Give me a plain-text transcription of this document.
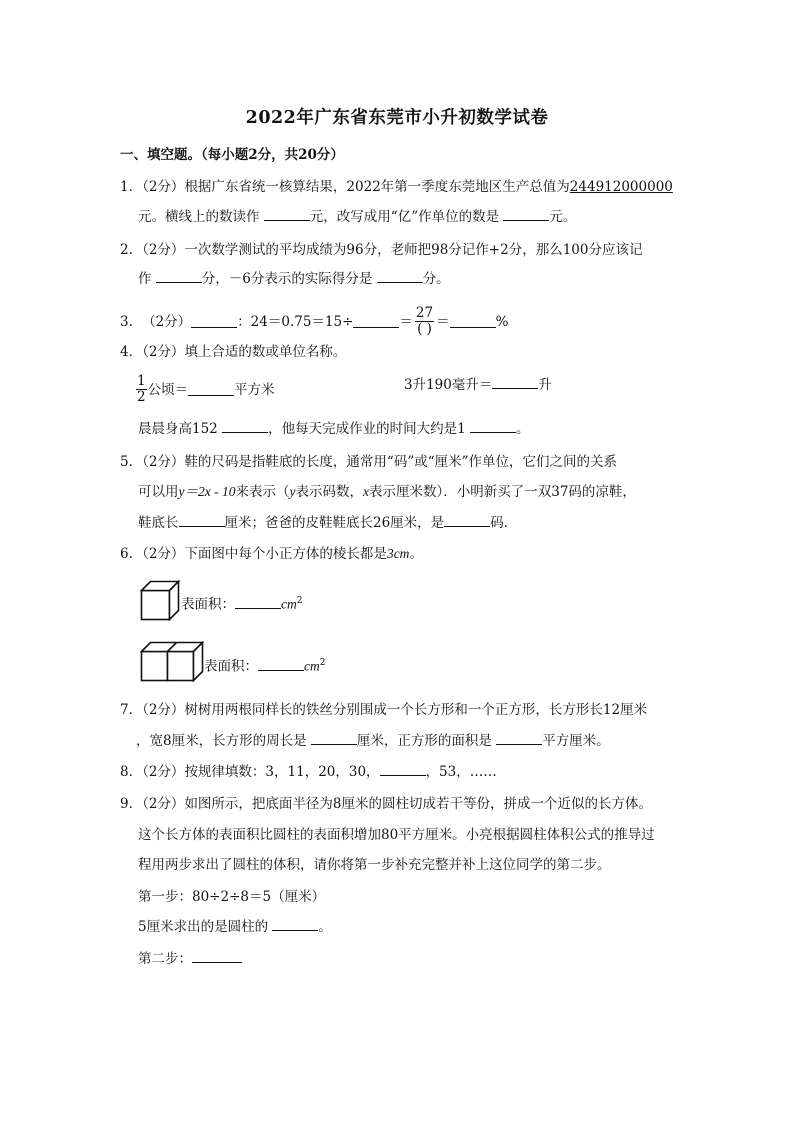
2022年广东省东莞市小升初数学试卷
一、填空题。（每小题2分，共20分）
1．（2分）根据广东省统一核算结果，2022年第一季度东莞地区生产总值为244912000000
元。横线上的数读作	元，改写成用“亿”作单位的数是	元。
2．（2分）一次数学测试的平均成绩为96分，老师把98分记作+2分，那么100分应该记
作	分，－6分表示的实际得分是	分。
3． （2分）	：24＝0.75＝15÷	＝ $\frac{27}{( )}$ ＝	%
4．（2分）填上合适的数或单位名称。
$\frac{1}{2}$ 公顷＝	平方米	3升190毫升＝	升
晨晨身高152	，他每天完成作业的时间大约是1	。
5．（2分）鞋的尺码是指鞋底的长度，通常用“码”或“厘米”作单位，它们之间的关系
可以用y＝2x - 10来表示（y表示码数，x表示厘米数）．小明新买了一双37码的凉鞋，
鞋底长	厘米；爸爸的皮鞋鞋底长26厘米，是	码．
6．（2分）下面图中每个小正方体的棱长都是3cm。
表面积：	$cm^2$
表面积：	$cm^2$
7．（2分）树树用两根同样长的铁丝分别围成一个长方形和一个正方形，长方形长12厘米
，宽8厘米，长方形的周长是	厘米，正方形的面积是	平方厘米。
8．（2分）按规律填数：3，11，20，30，	，53，……
9．（2分）如图所示，把底面半径为8厘米的圆柱切成若干等份，拼成一个近似的长方体。
这个长方体的表面积比圆柱的表面积增加80平方厘米。小亮根据圆柱体积公式的推导过
程用两步求出了圆柱的体积，请你将第一步补充完整并补上这位同学的第二步。
第一步：80÷2÷8＝5（厘米）
5厘米求出的是圆柱的	。
第二步：
